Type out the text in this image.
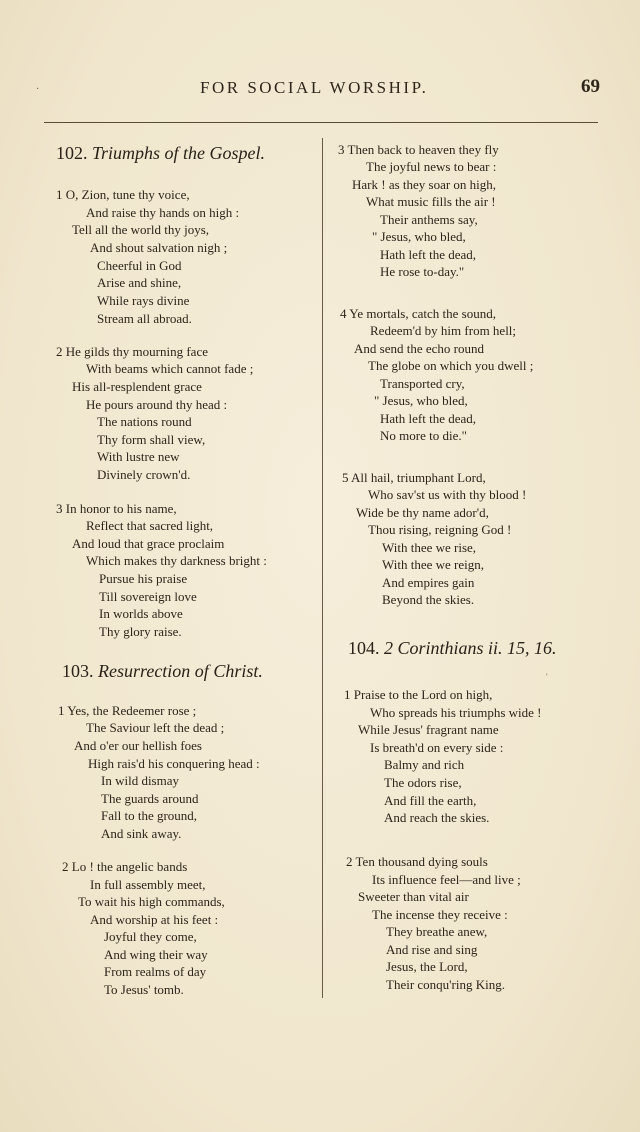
·	FOR SOCIAL WORSHIP.	69
102. Triumphs of the Gospel.
1 O, Zion, tune thy voice,
And raise thy hands on high :
Tell all the world thy joys,
And shout salvation nigh ;
Cheerful in God
Arise and shine,
While rays divine
Stream all abroad.
2 He gilds thy mourning face
With beams which cannot fade ;
His all-resplendent grace
He pours around thy head :
The nations round
Thy form shall view,
With lustre new
Divinely crown'd.
3 In honor to his name,
Reflect that sacred light,
And loud that grace proclaim
Which makes thy darkness bright :
Pursue his praise
Till sovereign love
In worlds above
Thy glory raise.
103. Resurrection of Christ.
1 Yes, the Redeemer rose ;
The Saviour left the dead ;
And o'er our hellish foes
High rais'd his conquering head :
In wild dismay
The guards around
Fall to the ground,
And sink away.
2 Lo ! the angelic bands
In full assembly meet,
To wait his high commands,
And worship at his feet :
Joyful they come,
And wing their way
From realms of day
To Jesus' tomb.
3 Then back to heaven they fly
The joyful news to bear :
Hark ! as they soar on high,
What music fills the air !
Their anthems say,
" Jesus, who bled,
Hath left the dead,
He rose to-day."
4 Ye mortals, catch the sound,
Redeem'd by him from hell;
And send the echo round
The globe on which you dwell ;
Transported cry,
" Jesus, who bled,
Hath left the dead,
No more to die."
5 All hail, triumphant Lord,
Who sav'st us with thy blood !
Wide be thy name ador'd,
Thou rising, reigning God !
With thee we rise,
With thee we reign,
And empires gain
Beyond the skies.
104. 2 Corinthians ii. 15, 16.
1 Praise to the Lord on high,
Who spreads his triumphs wide !
While Jesus' fragrant name
Is breath'd on every side :
Balmy and rich
The odors rise,
And fill the earth,
And reach the skies.
'
2 Ten thousand dying souls
Its influence feel—and live ;
Sweeter than vital air
The incense they receive :
They breathe anew,
And rise and sing
Jesus, the Lord,
Their conqu'ring King.
